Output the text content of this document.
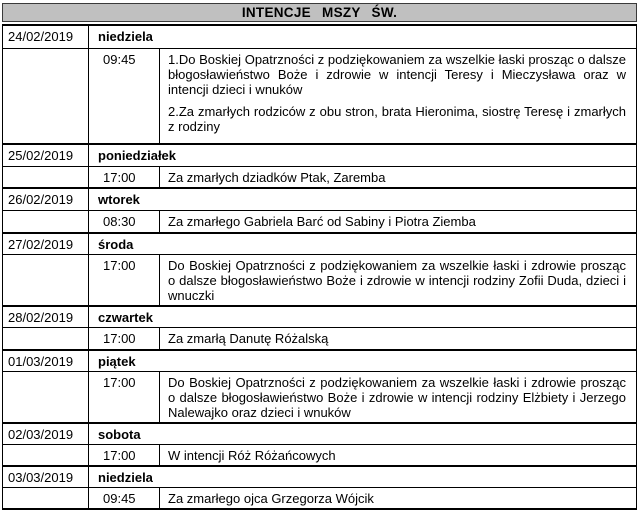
INTENCJE MSZY ŚW.
24/02/2019	niedziela	
	09:45	1.Do Boskiej Opatrzności z podziękowaniem za wszelkie łaski prosząc o dalsze błogosławieństwo Boże i zdrowie w intencji Teresy i Mieczysława oraz w intencji dzieci i wnuków

2.Za zmarłych rodziców z obu stron, brata Hieronima, siostrę Teresę i zmarłych z rodziny

25/02/2019	poniedziałek	
	17:00	Za zmarłych dziadków Ptak, Zaremba

26/02/2019	wtorek	
	08:30	Za zmarłego Gabriela Barć od Sabiny i Piotra Ziemba

27/02/2019	środa	
	17:00	Do Boskiej Opatrzności z podziękowaniem za wszelkie łaski i zdrowie prosząc o dalsze błogosławieństwo Boże i zdrowie w intencji rodziny Zofii Duda, dzieci i wnuczki

28/02/2019	czwartek	
	17:00	Za zmarłą Danutę Różalską

01/03/2019	piątek	
	17:00	Do Boskiej Opatrzności z podziękowaniem za wszelkie łaski i zdrowie prosząc o dalsze błogosławieństwo Boże i zdrowie w intencji rodziny Elżbiety i Jerzego Nalewajko oraz dzieci i wnuków

02/03/2019	sobota	
	17:00	W intencji Róż Różańcowych

03/03/2019	niedziela	
	09:45	Za zmarłego ojca Grzegorza Wójcik
